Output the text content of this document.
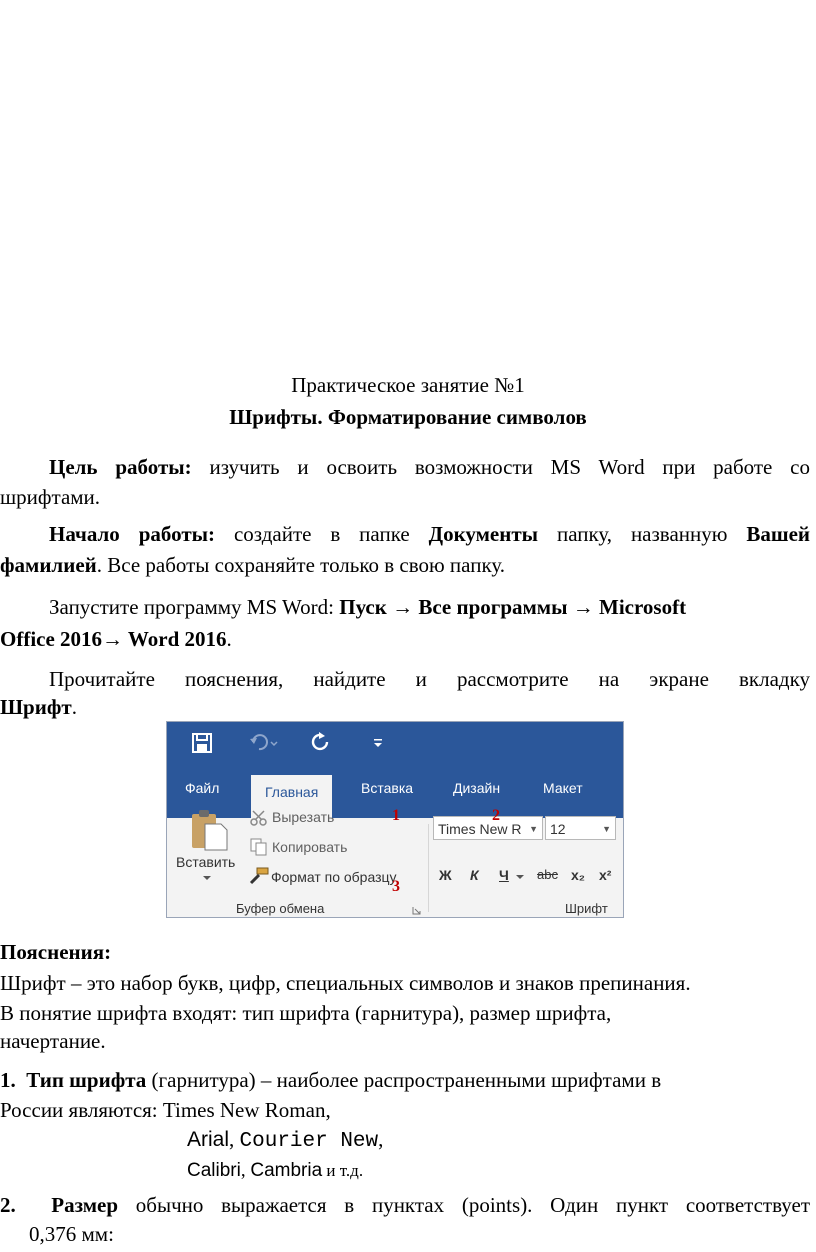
Практическое занятие №1
Шрифты. Форматирование символов
Цель работы: изучить и освоить возможности MS Word при работе со
шрифтами.
Начало работы: создайте в папке Документы папку, названную Вашей
фамилией. Все работы сохраняйте только в свою папку.
Запустите программу MS Word: Пуск → Все программы → Microsoft
Office 2016→ Word 2016.
Прочитайте пояснения, найдите и рассмотрите на экране вкладку
Шрифт.
Файл	Главная	Вставка	Дизайн	Макет
Вставить
Вырезать
Копировать
Формат по образцу
Буфер обмена
Times New R ▼ 12	▼
Ж К Ч abc x₂ x²
Шрифт
1	2
3
Пояснения:
Шрифт – это набор букв, цифр, специальных символов и знаков препинания.
В понятие шрифта входят: тип шрифта (гарнитура), размер шрифта,
начертание.
1. Тип шрифта (гарнитура) – наиболее распространенными шрифтами в
России являются: Times New Roman,
Arial, Courier New,
Calibri, Cambria и т.д.
2. Размер обычно выражается в пунктах (points). Один пункт соответствует
0,376 мм:
